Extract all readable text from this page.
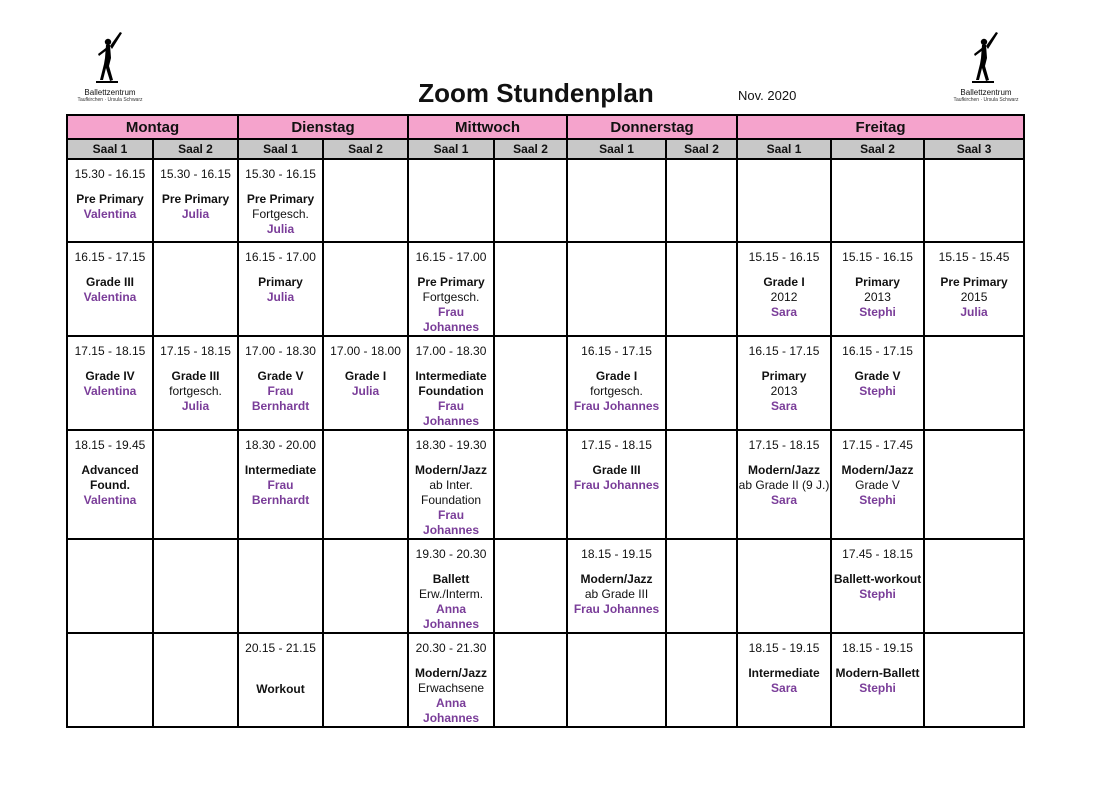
Ballettzentrum
Taufkirchen · Ursula Schwarz
Ballettzentrum
Taufkirchen · Ursula Schwarz
Zoom Stundenplan	Nov. 2020
Montag		Dienstag		Mittwoch		Donnerstag		Freitag		
Saal 1	Saal 2	Saal 1	Saal 2	Saal 1	Saal 2	Saal 1	Saal 2	Saal 1	Saal 2	Saal 3

15.30 - 16.15
Pre Primary
Valentina	15.30 - 16.15
Pre Primary
Julia	15.30 - 16.15
Pre Primary
Fortgesch.
Julia								

16.15 - 17.15
Grade III
Valentina		16.15 - 17.00
Primary
Julia		16.15 - 17.00
Pre Primary
Fortgesch.
Frau Johannes				15.15 - 16.15
Grade I
2012
Sara	15.15 - 16.15
Primary
2013
Stephi	15.15 - 15.45
Pre Primary
2015
Julia

17.15 - 18.15
Grade IV
Valentina	17.15 - 18.15
Grade III
fortgesch.
Julia	17.00 - 18.30
Grade V
Frau Bernhardt	17.00 - 18.00
Grade I
Julia	17.00 - 18.30
Intermediate Foundation
Frau Johannes		16.15 - 17.15
Grade I
fortgesch.
Frau Johannes		16.15 - 17.15
Primary
2013
Sara	16.15 - 17.15
Grade V
Stephi	

18.15 - 19.45
Advanced Found.
Valentina		18.30 - 20.00
Intermediate
Frau Bernhardt		18.30 - 19.30
Modern/Jazz
ab Inter. Foundation
Frau Johannes		17.15 - 18.15
Grade III
Frau Johannes		17.15 - 18.15
Modern/Jazz
ab Grade II (9 J.)
Sara	17.15 - 17.45
Modern/Jazz
Grade V
Stephi	

				19.30 - 20.30
Ballett
Erw./Interm.
Anna Johannes		18.15 - 19.15
Modern/Jazz
ab Grade III
Frau Johannes			17.45 - 18.15
Ballett-workout
Stephi	

		20.15 - 21.15
Workout		20.30 - 21.30
Modern/Jazz
Erwachsene
Anna Johannes				18.15 - 19.15
Intermediate
Sara	18.15 - 19.15
Modern-Ballett
Stephi	
